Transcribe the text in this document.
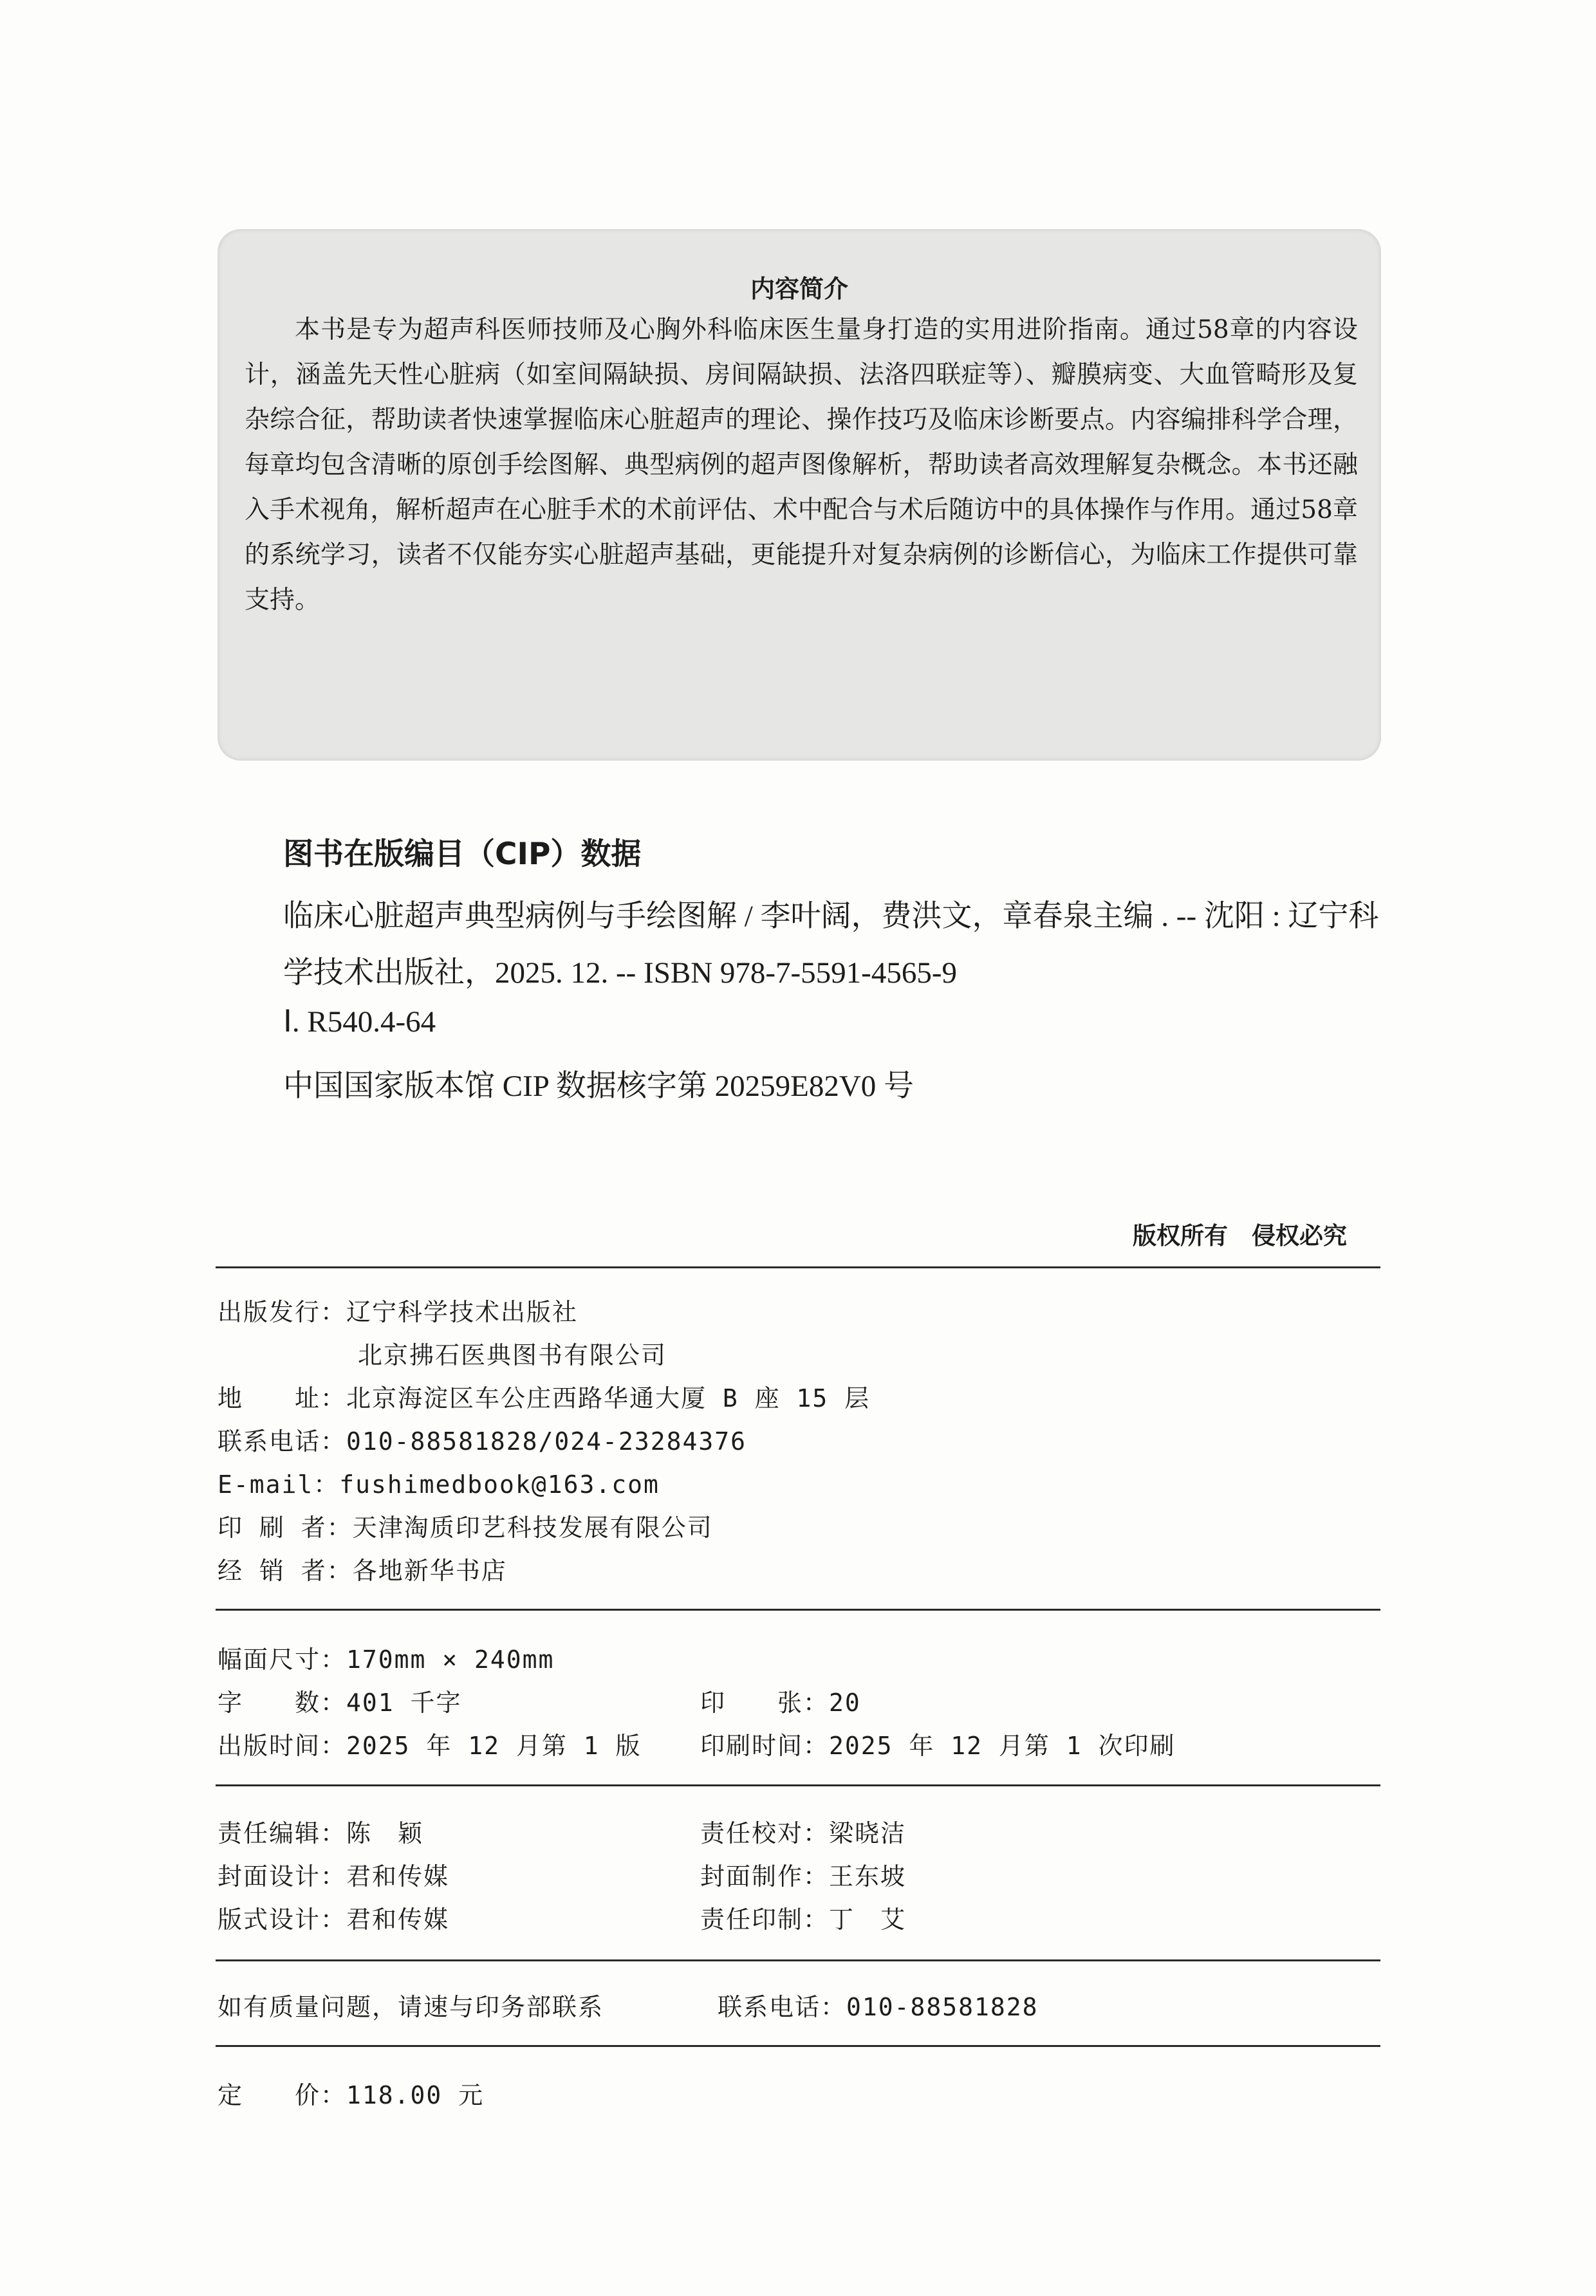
内容简介
本书是专为超声科医师技师及心胸外科临床医生量身打造的实用进阶指南。通过58章的内容设计，涵盖先天性心脏病（如室间隔缺损、房间隔缺损、法洛四联症等）、瓣膜病变、大血管畸形及复杂综合征，帮助读者快速掌握临床心脏超声的理论、操作技巧及临床诊断要点。内容编排科学合理，每章均包含清晰的原创手绘图解、典型病例的超声图像解析，帮助读者高效理解复杂概念。本书还融入手术视角，解析超声在心脏手术的术前评估、术中配合与术后随访中的具体操作与作用。通过58章的系统学习，读者不仅能夯实心脏超声基础，更能提升对复杂病例的诊断信心，为临床工作提供可靠支持。
图书在版编目（CIP）数据
临床心脏超声典型病例与手绘图解 / 李叶阔，费洪文，章春泉主编 . -- 沈阳 : 辽宁科学技术出版社，2025. 12. -- ISBN 978-7-5591-4565-9
Ⅰ. R540.4-64
中国国家版本馆 CIP 数据核字第 20259E82V0 号
版权所有　侵权必究
出版发行：辽宁科学技术出版社
北京拂石医典图书有限公司
地　　址：北京海淀区车公庄西路华通大厦 B 座 15 层
联系电话：010-88581828/024-23284376
E-mail：fushimedbook@163.com
印 刷 者：天津淘质印艺科技发展有限公司
经 销 者：各地新华书店
幅面尺寸：170mm × 240mm
字　　数：401 千字	印　　张：20
出版时间：2025 年 12 月第 1 版 印刷时间：2025 年 12 月第 1 次印刷
责任编辑：陈　颖	责任校对：梁晓洁
封面设计：君和传媒	封面制作：王东坡
版式设计：君和传媒	责任印制：丁　艾
如有质量问题，请速与印务部联系	联系电话：010-88581828
定　　价：118.00 元
